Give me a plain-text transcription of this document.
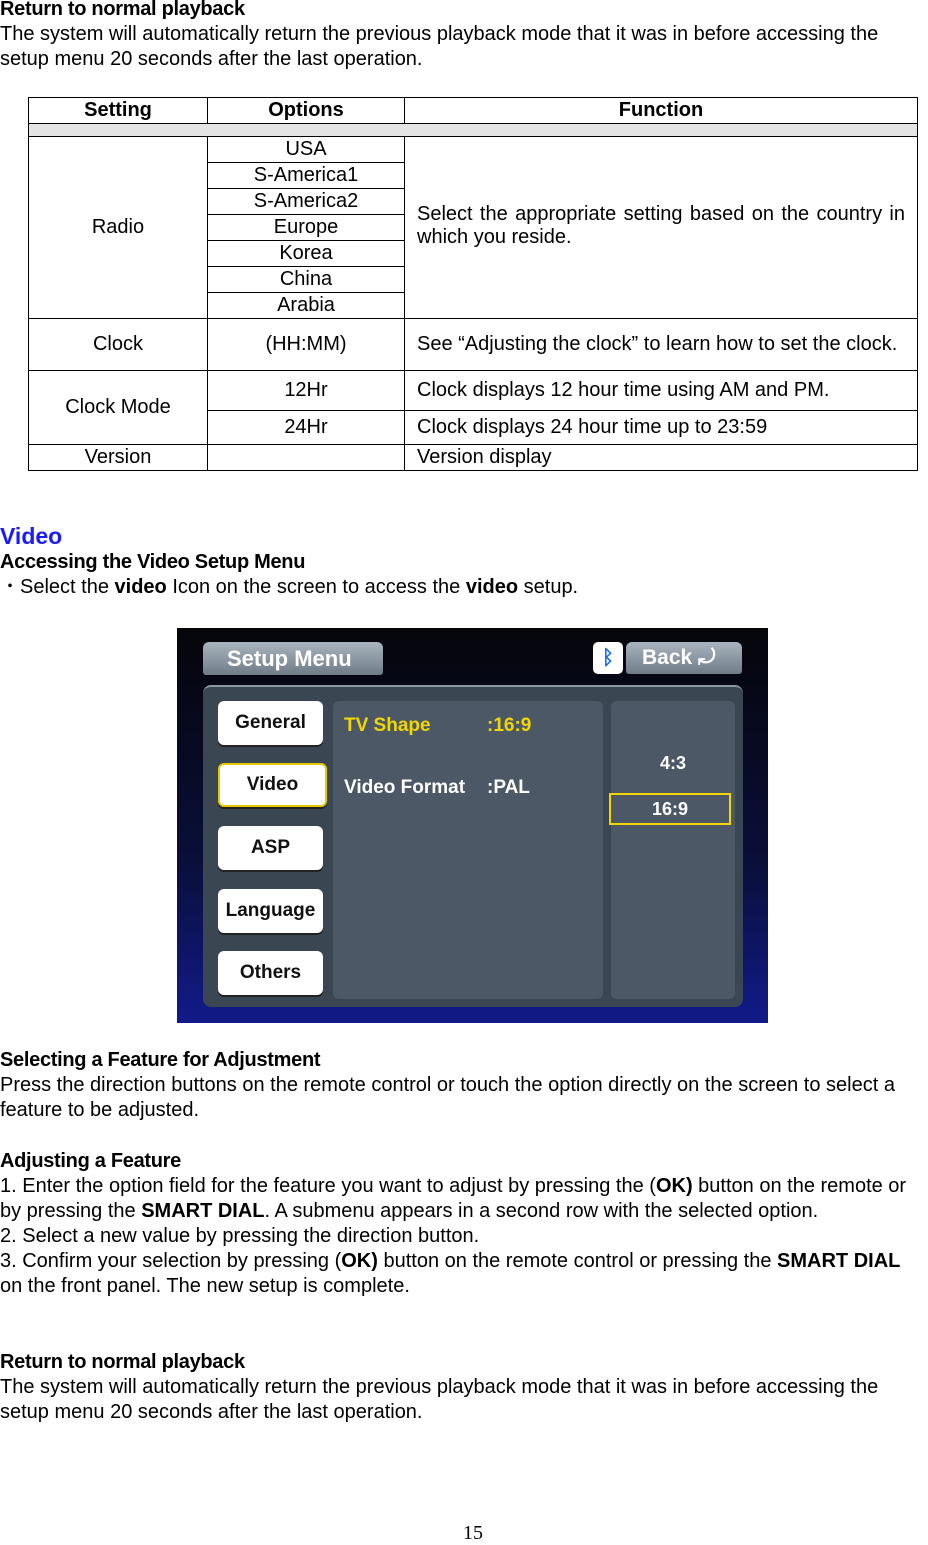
Return to normal playback
The system will automatically return the previous playback mode that it was in before accessing the setup menu 20 seconds after the last operation.
Setting	Options	Function

Radio	USA	Select the appropriate setting based on the country in which you reside.
	S-America1	
	S-America2	
	Europe	
	Korea	
	China	
	Arabia	
Clock	(HH:MM)	See “Adjusting the clock” to learn how to set the clock.
Clock Mode	12Hr	Clock displays 12 hour time using AM and PM.
	24Hr	Clock displays 24 hour time up to 23:59
Version		Version display
Video
Accessing the Video Setup Menu
・Select the video Icon on the screen to access the video setup.
Setup Menu	ᛒ	Back ⤾
General
Video
ASP
Language
Others
TV Shape	:16:9
Video Format :PAL
4:3
16:9
Selecting a Feature for Adjustment
Press the direction buttons on the remote control or touch the option directly on the screen to select a feature to be adjusted.
Adjusting a Feature
1. Enter the option field for the feature you want to adjust by pressing the (OK) button on the remote or by pressing the SMART DIAL. A submenu appears in a second row with the selected option.
2. Select a new value by pressing the direction button.
3. Confirm your selection by pressing (OK) button on the remote control or pressing the SMART DIAL on the front panel. The new setup is complete.
Return to normal playback
The system will automatically return the previous playback mode that it was in before accessing the setup menu 20 seconds after the last operation.
15
